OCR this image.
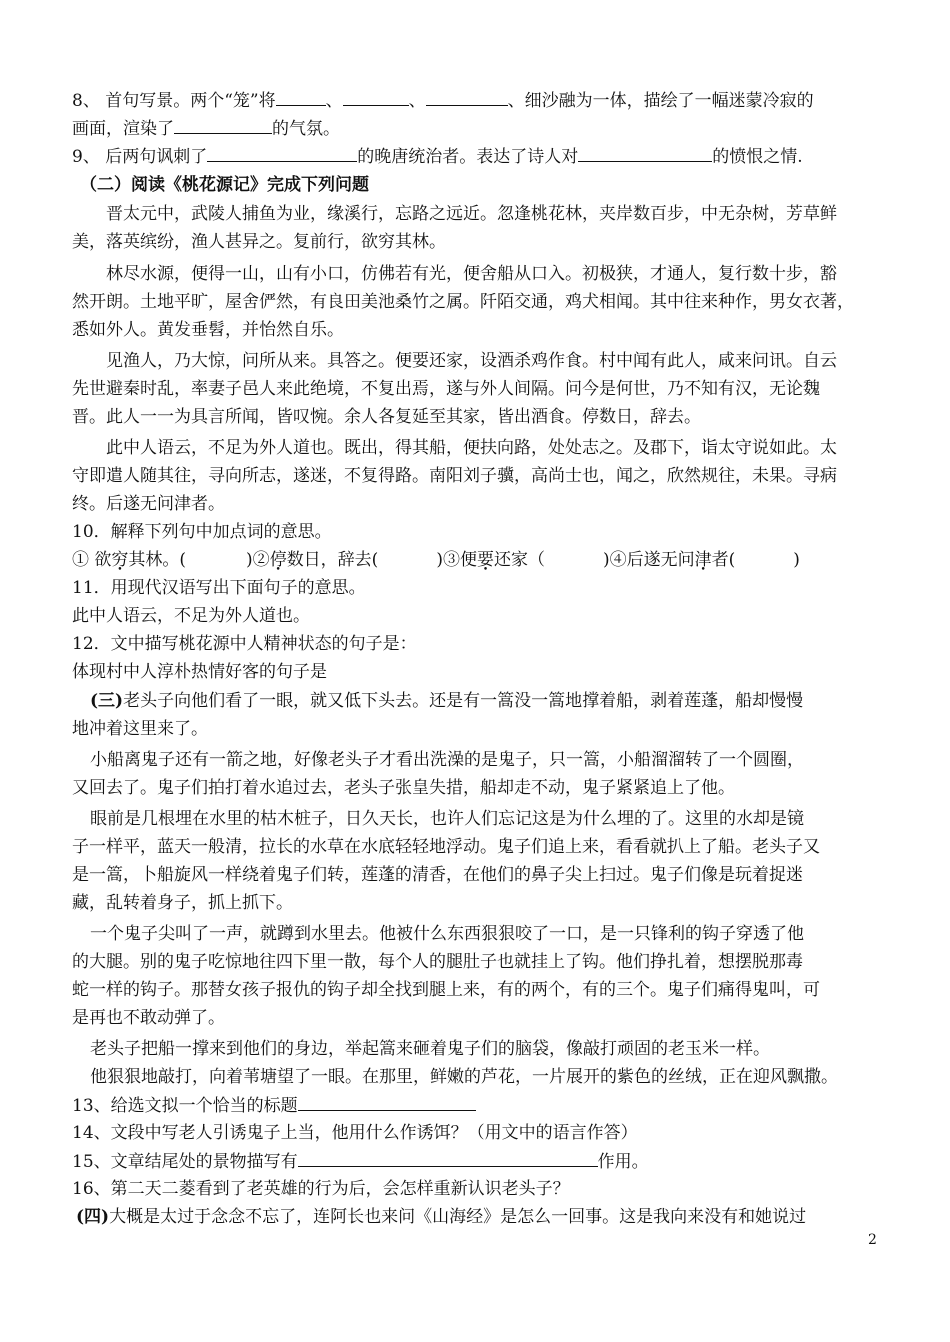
8、 首句写景。两个“笼”将	、	、	、细沙融为一体，描绘了一幅迷蒙冷寂的
画面，渲染了	的气氛。
9、 后两句讽刺了	的晚唐统治者。表达了诗人对	的愤恨之情.
（二）阅读《桃花源记》完成下列问题
晋太元中，武陵人捕鱼为业，缘溪行，忘路之远近。忽逢桃花林，夹岸数百步，中无杂树，芳草鲜
美，落英缤纷，渔人甚异之。复前行，欲穷其林。
林尽水源，便得一山，山有小口，仿佛若有光，便舍船从口入。初极狭，才通人，复行数十步，豁
然开朗。土地平旷，屋舍俨然，有良田美池桑竹之属。阡陌交通，鸡犬相闻。其中往来种作，男女衣著，
悉如外人。黄发垂髫，并怡然自乐。
见渔人，乃大惊，问所从来。具答之。便要还家，设酒杀鸡作食。村中闻有此人，咸来问讯。自云
先世避秦时乱，率妻子邑人来此绝境，不复出焉，遂与外人间隔。问今是何世，乃不知有汉，无论魏
晋。此人一一为具言所闻，皆叹惋。余人各复延至其家，皆出酒食。停数日，辞去。
此中人语云，不足为外人道也。既出，得其船，便扶向路，处处志之。及郡下，诣太守说如此。太
守即遣人随其往，寻向所志，遂迷，不复得路。南阳刘子骥，高尚士也，闻之，欣然规往，未果。寻病
终。后遂无问津者。
10．解释下列句中加点词的意思。
① 欲穷其林。(	)②停数日，辞去(	)③便要还家（	)④后遂无问津者(	)
11．用现代汉语写出下面句子的意思。
此中人语云，不足为外人道也。
12．文中描写桃花源中人精神状态的句子是：
体现村中人淳朴热情好客的句子是
(三)老头子向他们看了一眼，就又低下头去。还是有一篙没一篙地撑着船，剥着莲蓬，船却慢慢
地冲着这里来了。
小船离鬼子还有一箭之地，好像老头子才看出洗澡的是鬼子，只一篙，小船溜溜转了一个圆圈，
又回去了。鬼子们拍打着水追过去，老头子张皇失措，船却走不动，鬼子紧紧追上了他。
眼前是几根埋在水里的枯木桩子，日久天长，也许人们忘记这是为什么埋的了。这里的水却是镜
子一样平，蓝天一般清，拉长的水草在水底轻轻地浮动。鬼子们追上来，看看就扒上了船。老头子又
是一篙，卜船旋风一样绕着鬼子们转，莲蓬的清香，在他们的鼻子尖上扫过。鬼子们像是玩着捉迷
藏，乱转着身子，抓上抓下。
一个鬼子尖叫了一声，就蹲到水里去。他被什么东西狠狠咬了一口，是一只锋利的钩子穿透了他
的大腿。别的鬼子吃惊地往四下里一散，每个人的腿肚子也就挂上了钩。他们挣扎着，想摆脱那毒
蛇一样的钩子。那替女孩子报仇的钩子却全找到腿上来，有的两个，有的三个。鬼子们痛得鬼叫，可
是再也不敢动弹了。
老头子把船一撑来到他们的身边，举起篙来砸着鬼子们的脑袋，像敲打顽固的老玉米一样。
他狠狠地敲打，向着苇塘望了一眼。在那里，鲜嫩的芦花，一片展开的紫色的丝绒，正在迎风飘撒。
13、给选文拟一个恰当的标题
14、文段中写老人引诱鬼子上当，他用什么作诱饵？（用文中的语言作答）
15、文章结尾处的景物描写有	作用。
16、第二天二菱看到了老英雄的行为后，会怎样重新认识老头子？
(四)大概是太过于念念不忘了，连阿长也来问《山海经》是怎么一回事。这是我向来没有和她说过
2
